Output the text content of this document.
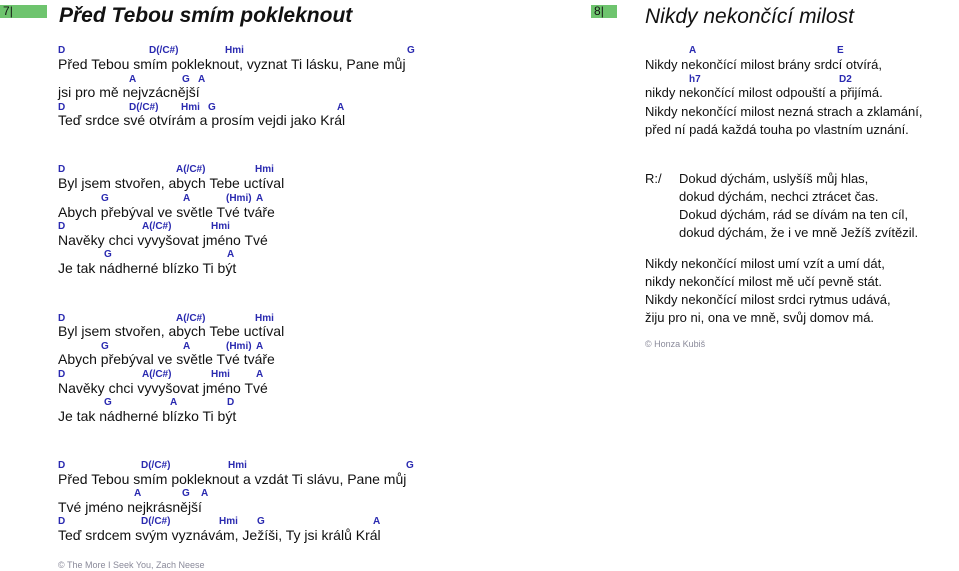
7|	Před Tebou smím pokleknout
D	D(/C#)	Hmi	G
Před Tebou smím pokleknout, vyznat Ti lásku, Pane můj
A	G A
jsi pro mě nejvzácnější
D	D(/C#) Hmi G	A
Teď srdce své otvírám a prosím vejdi jako Král
D	A(/C#)	Hmi
Byl jsem stvořen, abych Tebe uctíval
G	A	(Hmi) A
Abych přebýval ve světle Tvé tváře
D	A(/C#)	Hmi
Navěky chci vyvyšovat jméno Tvé
G	A
Je tak nádherné blízko Ti být
D	A(/C#)	Hmi
Byl jsem stvořen, abych Tebe uctíval
G	A	(Hmi) A
Abych přebýval ve světle Tvé tváře
D	A(/C#)	Hmi	A
Navěky chci vyvyšovat jméno Tvé
G	A	D
Je tak nádherné blízko Ti být
D	D(/C#)	Hmi	G
Před Tebou smím pokleknout a vzdát Ti slávu, Pane můj
A	G A
Tvé jméno nejkrásnější
D	D(/C#)	Hmi G	A
Teď srdcem svým vyznávám, Ježíši, Ty jsi králů Král
© The More I Seek You, Zach Neese
8|	Nikdy nekončící milost
A	E
Nikdy nekončící milost brány srdcí otvírá,
h7	D2
nikdy nekončící milost odpouští a přijímá.
Nikdy nekončící milost nezná strach a zklamání,
před ní padá každá touha po vlastním uznání.
R:/ Dokud dýchám, uslyšíš můj hlas,
dokud dýchám, nechci ztrácet čas.
Dokud dýchám, rád se dívám na ten cíl,
dokud dýchám, že i ve mně Ježíš zvítězil.
Nikdy nekončící milost umí vzít a umí dát,
nikdy nekončící milost mě učí pevně stát.
Nikdy nekončící milost srdci rytmus udává,
žiju pro ni, ona ve mně, svůj domov má.
© Honza Kubiš
